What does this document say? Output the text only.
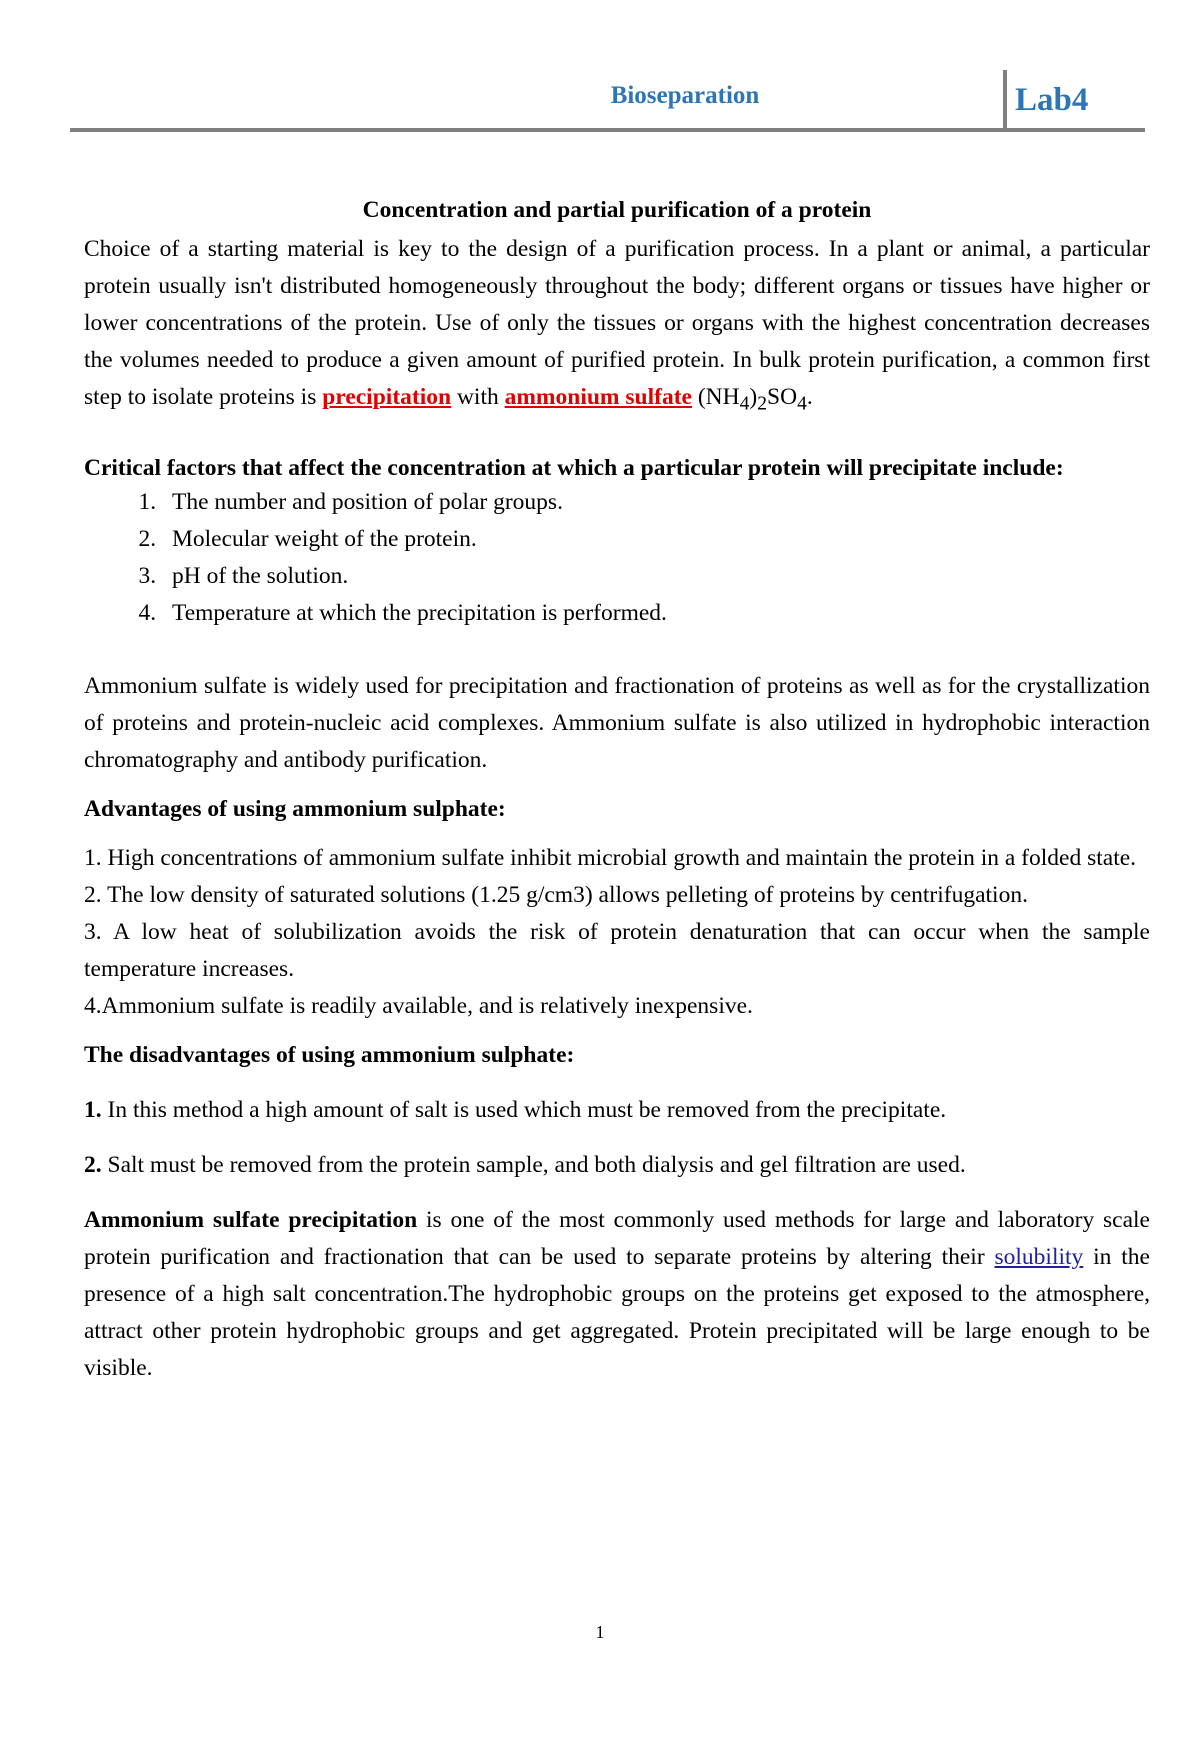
Bioseparation	Lab4

Concentration and partial purification of a protein

Choice of a starting material is key to the design of a purification process. In a plant or animal, a particular protein usually isn't distributed homogeneously throughout the body; different organs or tissues have higher or lower concentrations of the protein. Use of only the tissues or organs with the highest concentration decreases the volumes needed to produce a given amount of purified protein. In bulk protein purification, a common first step to isolate proteins is precipitation with ammonium sulfate $(NH_4)_2SO_4$.

Critical factors that affect the concentration at which a particular protein will precipitate include:

1. The number and position of polar groups.
2. Molecular weight of the protein.
3. pH of the solution.
4. Temperature at which the precipitation is performed.

Ammonium sulfate is widely used for precipitation and fractionation of proteins as well as for the crystallization of proteins and protein-nucleic acid complexes. Ammonium sulfate is also utilized in hydrophobic interaction chromatography and antibody purification.

Advantages of using ammonium sulphate:

1. High concentrations of ammonium sulfate inhibit microbial growth and maintain the protein in a folded state.

2. The low density of saturated solutions (1.25 g/cm3) allows pelleting of proteins by centrifugation.

3. A low heat of solubilization avoids the risk of protein denaturation that can occur when the sample temperature increases.

4.Ammonium sulfate is readily available, and is relatively inexpensive.

The disadvantages of using ammonium sulphate:

1. In this method a high amount of salt is used which must be removed from the precipitate.

2. Salt must be removed from the protein sample, and both dialysis and gel filtration are used.

Ammonium sulfate precipitation is one of the most commonly used methods for large and laboratory scale protein purification and fractionation that can be used to separate proteins by altering their solubility in the presence of a high salt concentration.The hydrophobic groups on the proteins get exposed to the atmosphere, attract other protein hydrophobic groups and get aggregated. Protein precipitated will be large enough to be visible.

1
